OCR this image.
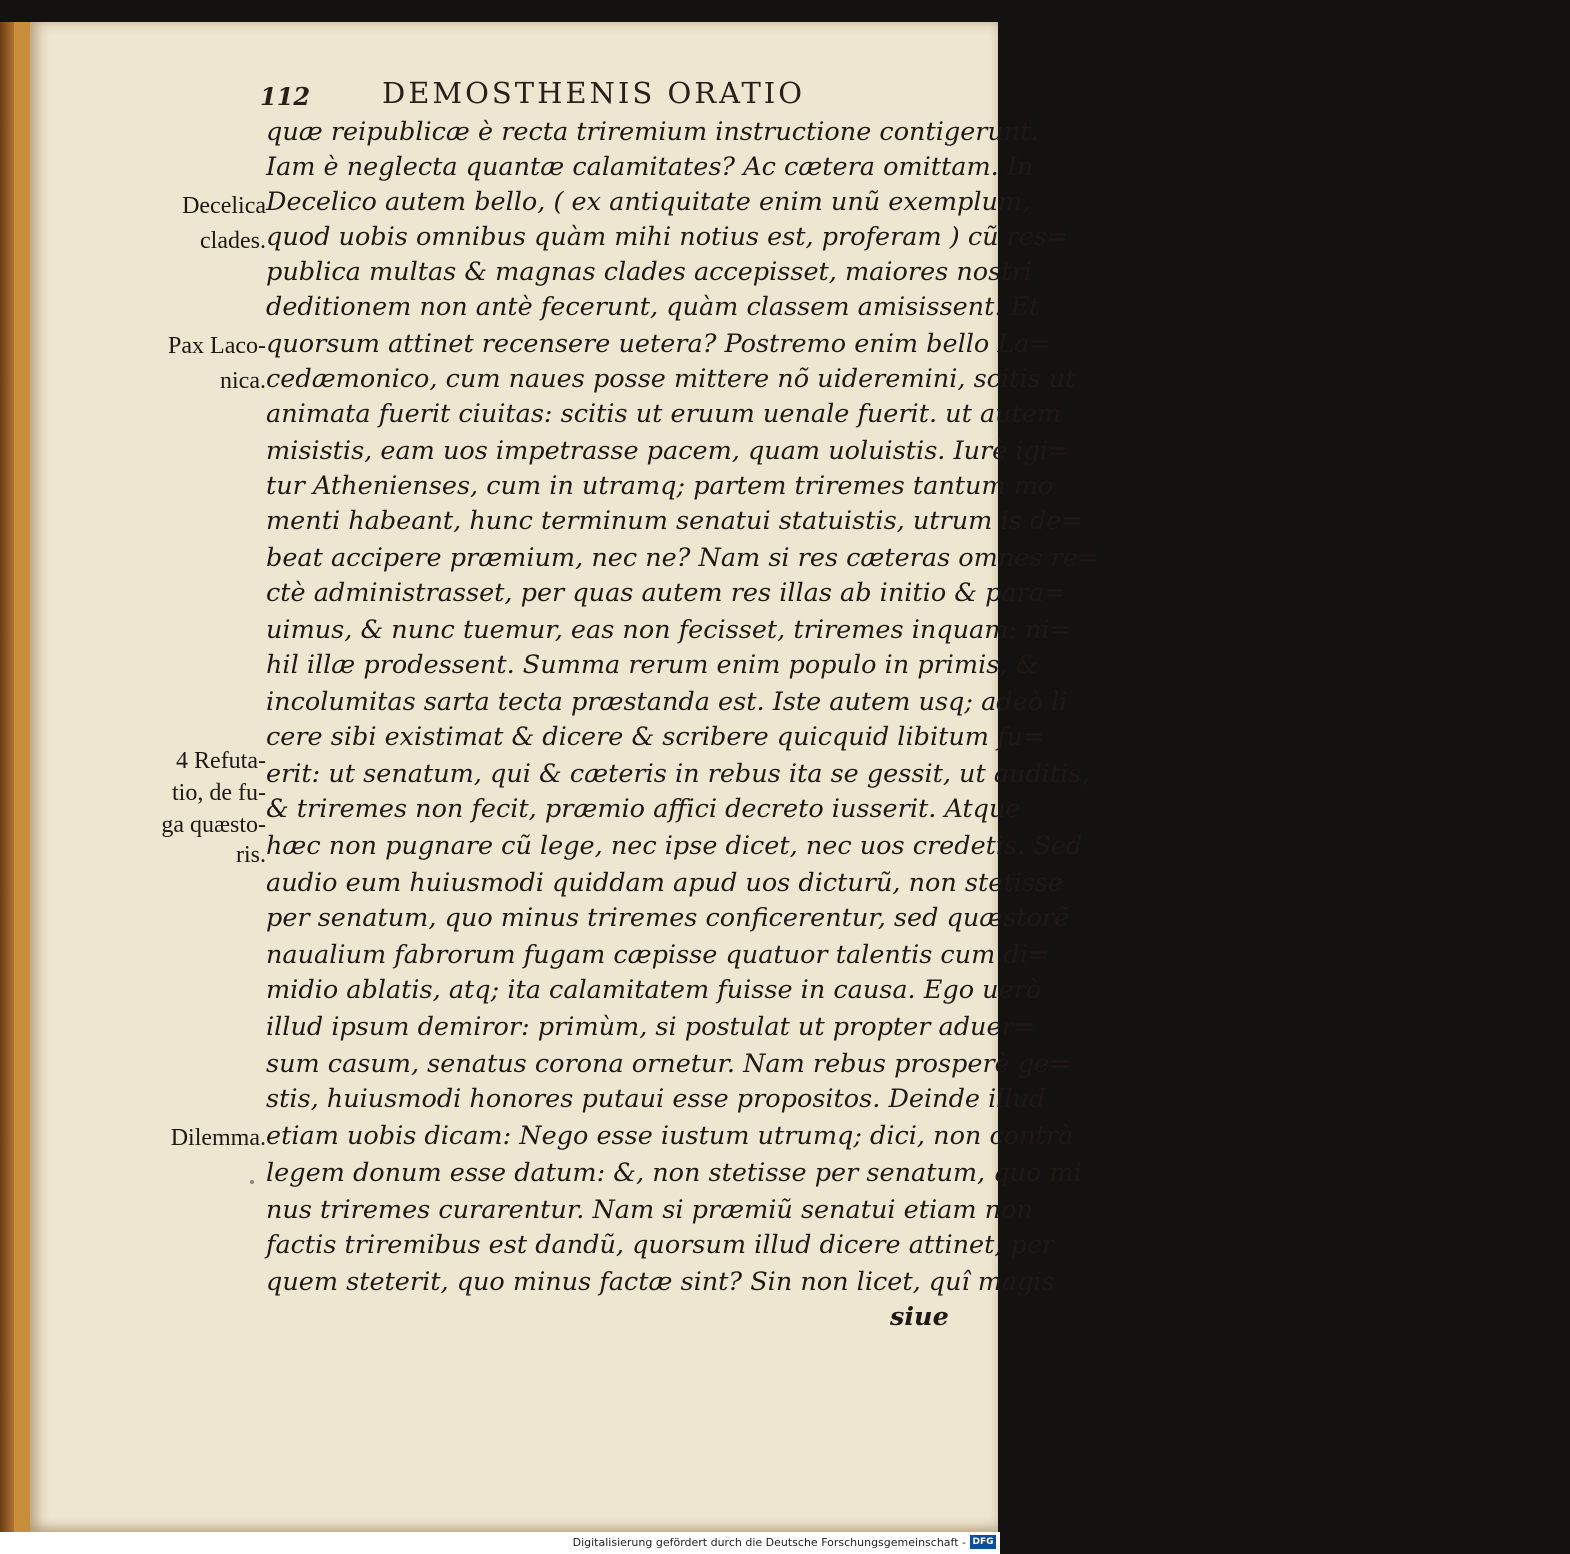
112 DEMOSTHENIS ORATIO
quæ reipublicæ è recta triremium instructione contigerunt.
Iam è neglecta quantæ calamitates? Ac cætera omittam. In
Decelico autem bello, ( ex antiquitate enim unũ exemplum,
quod uobis omnibus quàm mihi notius est, proferam ) cũ res=
publica multas & magnas clades accepisset, maiores nostri
deditionem non antè fecerunt, quàm classem amisissent. Et
quorsum attinet recensere uetera? Postremo enim bello La=
cedæmonico, cum naues posse mittere nõ uideremini, scitis ut
animata fuerit ciuitas: scitis ut eruum uenale fuerit. ut autem
misistis, eam uos impetrasse pacem, quam uoluistis. Iurè igi=
tur Athenienses, cum in utramq; partem triremes tantum mo
menti habeant, hunc terminum senatui statuistis, utrum is de=
beat accipere præmium, nec ne? Nam si res cæteras omnes re=
ctè administrasset, per quas autem res illas ab initio & para=
uimus, & nunc tuemur, eas non fecisset, triremes inquam: ni=
hil illæ prodessent. Summa rerum enim populo in primis, &
incolumitas sarta tecta præstanda est. Iste autem usq; adeò li
cere sibi existimat & dicere & scribere quicquid libitum fu=
erit: ut senatum, qui & cæteris in rebus ita se gessit, ut auditis,
& triremes non fecit, præmio affici decreto iusserit. Atque
hæc non pugnare cũ lege, nec ipse dicet, nec uos credetis. Sed
audio eum huiusmodi quiddam apud uos dicturũ, non stetisse
per senatum, quo minus triremes conficerentur, sed quæstorẽ
naualium fabrorum fugam cæpisse quatuor talentis cum di=
midio ablatis, atq; ita calamitatem fuisse in causa. Ego uerò
illud ipsum demiror: primùm, si postulat ut propter aduer=
sum casum, senatus corona ornetur. Nam rebus prosperè ge=
stis, huiusmodi honores putaui esse propositos. Deinde illud
etiam uobis dicam: Nego esse iustum utrumq; dici, non contrà
legem donum esse datum: &, non stetisse per senatum, quo mi
nus triremes curarentur. Nam si præmiũ senatui etiam non
factis triremibus est dandũ, quorsum illud dicere attinet, per
quem steterit, quo minus factæ sint? Sin non licet, quî magis
siue
Decelica
clades.
Pax Laco-
nica.
4 Refuta-
tio, de fu-
ga quæsto-
ris.
Dilemma.
Digitalisierung gefördert durch die Deutsche Forschungsgemeinschaft - DFG
